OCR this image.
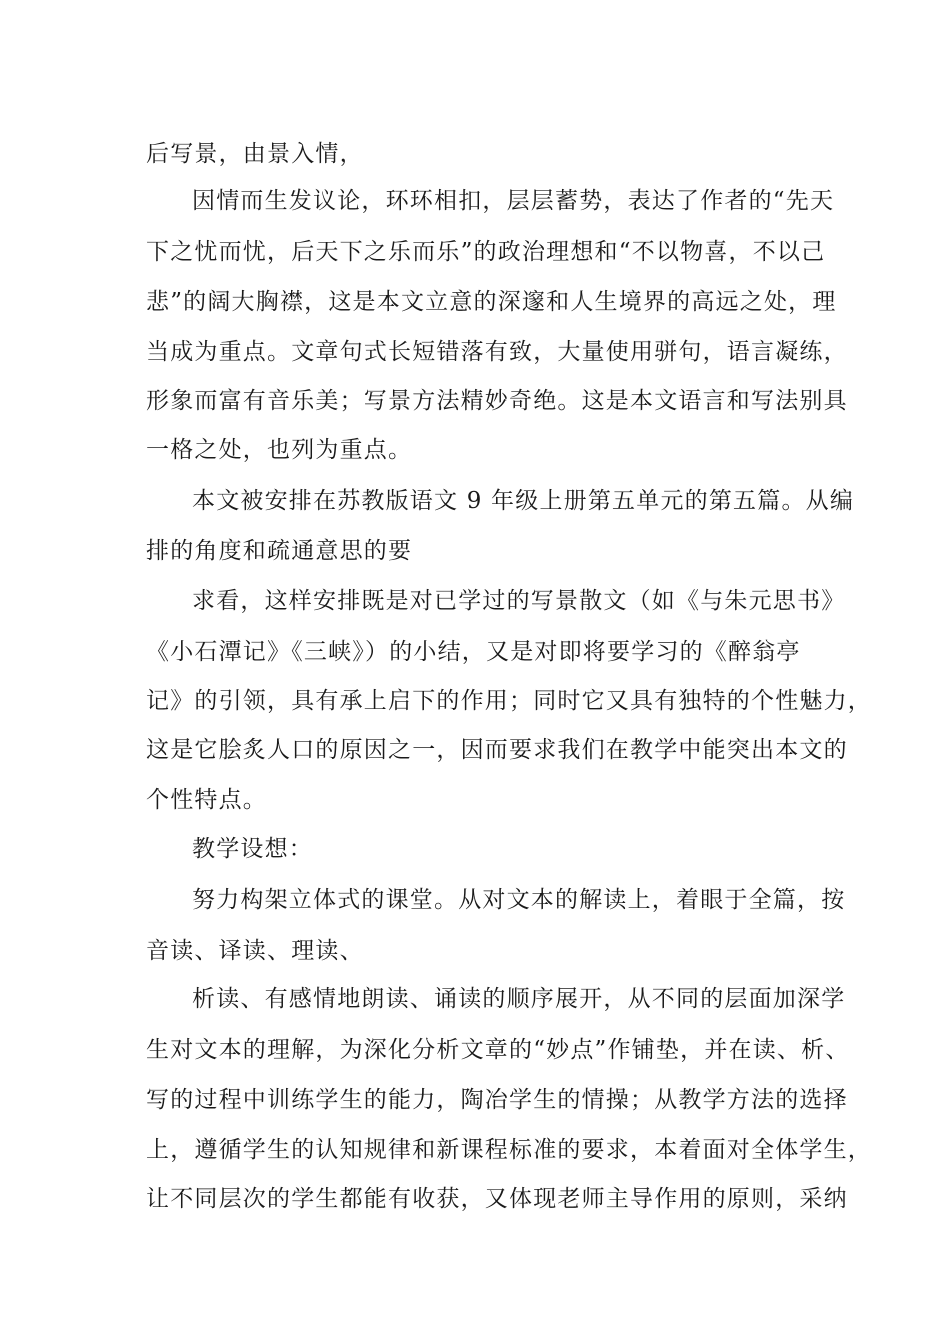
后写景，由景入情，
因情而生发议论，环环相扣，层层蓄势，表达了作者的“先天
下之忧而忧，后天下之乐而乐”的政治理想和“不以物喜，不以己
悲”的阔大胸襟，这是本文立意的深邃和人生境界的高远之处，理
当成为重点。文章句式长短错落有致，大量使用骈句，语言凝练，
形象而富有音乐美；写景方法精妙奇绝。这是本文语言和写法别具
一格之处，也列为重点。
本文被安排在苏教版语文 9 年级上册第五单元的第五篇。从编
排的角度和疏通意思的要
求看，这样安排既是对已学过的写景散文（如《与朱元思书》
《小石潭记》《三峡》）的小结，又是对即将要学习的《醉翁亭
记》的引领，具有承上启下的作用；同时它又具有独特的个性魅力，
这是它脍炙人口的原因之一，因而要求我们在教学中能突出本文的
个性特点。
教学设想：
努力构架立体式的课堂。从对文本的解读上，着眼于全篇，按
音读、译读、理读、
析读、有感情地朗读、诵读的顺序展开，从不同的层面加深学
生对文本的理解，为深化分析文章的“妙点”作铺垫，并在读、析、
写的过程中训练学生的能力，陶冶学生的情操；从教学方法的选择
上，遵循学生的认知规律和新课程标准的要求，本着面对全体学生，
让不同层次的学生都能有收获，又体现老师主导作用的原则，采纳
